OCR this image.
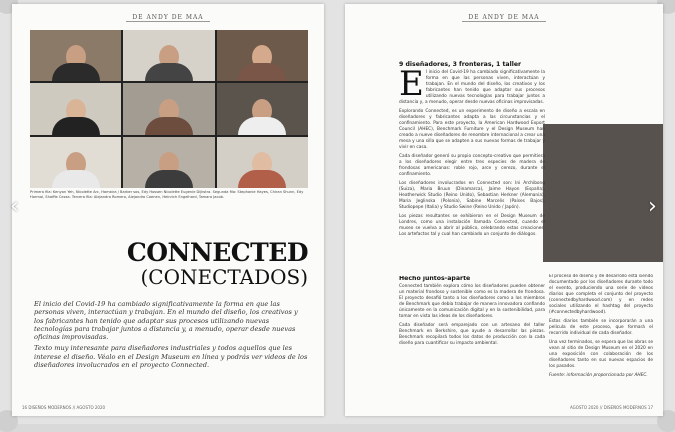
DE ANDY DE MAA
Primera fila: Kenyon Yeh, Nicolette Arc, Hamstra / Barber sos, Edy Hossen Nicolette Eugenie Dijkstra. Segunda fila: Stephanie Hayes, Chiran Shunn, Edy Hormal, Shaffie Cezza. Tercera fila: Alejandro Romero, Alejandro Coenen, Heinrich Engelhard, Tamara Jacob.
CONNECTED
(CONECTADOS)

El inicio del Covid-19 ha cambiado significativamente la forma en que las personas viven, interactúan y trabajan. En el mundo del diseño, los creativos y los fabricantes han tenido que adaptar sus procesos utilizando nuevas tecnologías para trabajar juntos a distancia y, a menudo, operar desde nuevas oficinas improvisadas.

Texto muy interesante para diseñadores industriales y todos aquellos que les interese el diseño. Véalo en el Design Museum en línea y podrás ver videos de los diseñadores involucrados en el proyecto Connected.

16 DISEÑOS MODERNOS // AGOSTO 2020
DE ANDY DE MAA
9 diseñadores, 3 fronteras, 1 taller
E l inicio del Covid-19 ha cambiado significativamente la forma en que las personas viven, interactúan y trabajan. En el mundo del diseño, los creativos y los fabricantes han tenido que adaptar sus procesos utilizando nuevas tecnologías para trabajar juntos a distancia y, a menudo, operar desde nuevas oficinas improvisadas.

Explorando Connected, es un experimento de diseño a escala en diseñadores y fabricantes adapta a las circunstancias y el confinamiento. Para este proyecto, la American Hardwood Export Council (AHEC), Benchmark Furniture y el Design Museum han creado a nueve diseñadores de renombre internacional a crear una mesa y una silla que se adapten a sus nuevas formas de trabajar y vivir en casa.

Cada diseñador generó su propio concepto-creativo que permitiera a los diseñadores elegir entre tres especies de madera de frondosas americanas: roble rojo, arce y cerezo, durante el confinamiento.

Los diseñadores involucrados en Connected son: Ini Archibong (Suiza), Maria Bruun (Dinamarca), Jaime Hayon (España), Heatherwick Studio (Reino Unido), Sebastian Herkner (Alemania), Maria Jeglinska (Polonia), Sabine Marcelis (Países Bajos), Studiopepe (Italia) y Studio Swine (Reino Unido / Japón).

Los piezas resultantes se exhibieron en el Design Museum de Londres, como una instalación llamada Connected, cuando el museo se vuelva a abrir al público, celebrando estas creaciones. Los artefactos tal y cual han cambiado un conjunto de diálogos.

Hecho juntos-aparte

Connected también explora cómo los diseñadores pueden obtener un material frondoso y sostenible como es la madera de frondosa. El proyecto desafió tanto a los diseñadores como a los miembros de Benchmark que debía trabajar de manera innovadora confiando únicamente en la comunicación digital y en la sostenibilidad, para tomar en vista las ideas de los diseñadores.

Cada diseñador será emparejado con un artesano del taller Benchmark en Berkshire, que ayude a desarrollar las piezas. Benchmark recopilará todos los datos de producción con la cada diseño para cuantificar su impacto ambiental.

El proceso de diseño y de desarrollo está siendo documentado por los diseñadores durante todo el evento, produciendo una serie de videos diarios que completa el conjunto del proyecto (connectedbyhardwood.com) y en redes sociales utilizando el hashtag del proyecto (#connectedbyhardwood).

Estos diarios también se incorporarán a una película de este proceso, que formará el recorrido individual de cada diseñador.

Una vez terminados, se espera que las obras se vean al sitio de Design Museum en el 2020 en una exposición con colaboración de los diseñadores tanto en sus nuevas espacios de los pasados.

Fuente: información proporcionada por AHEC.

AGOSTO 2020 // DISEÑOS MODERNOS 17
‹	›
